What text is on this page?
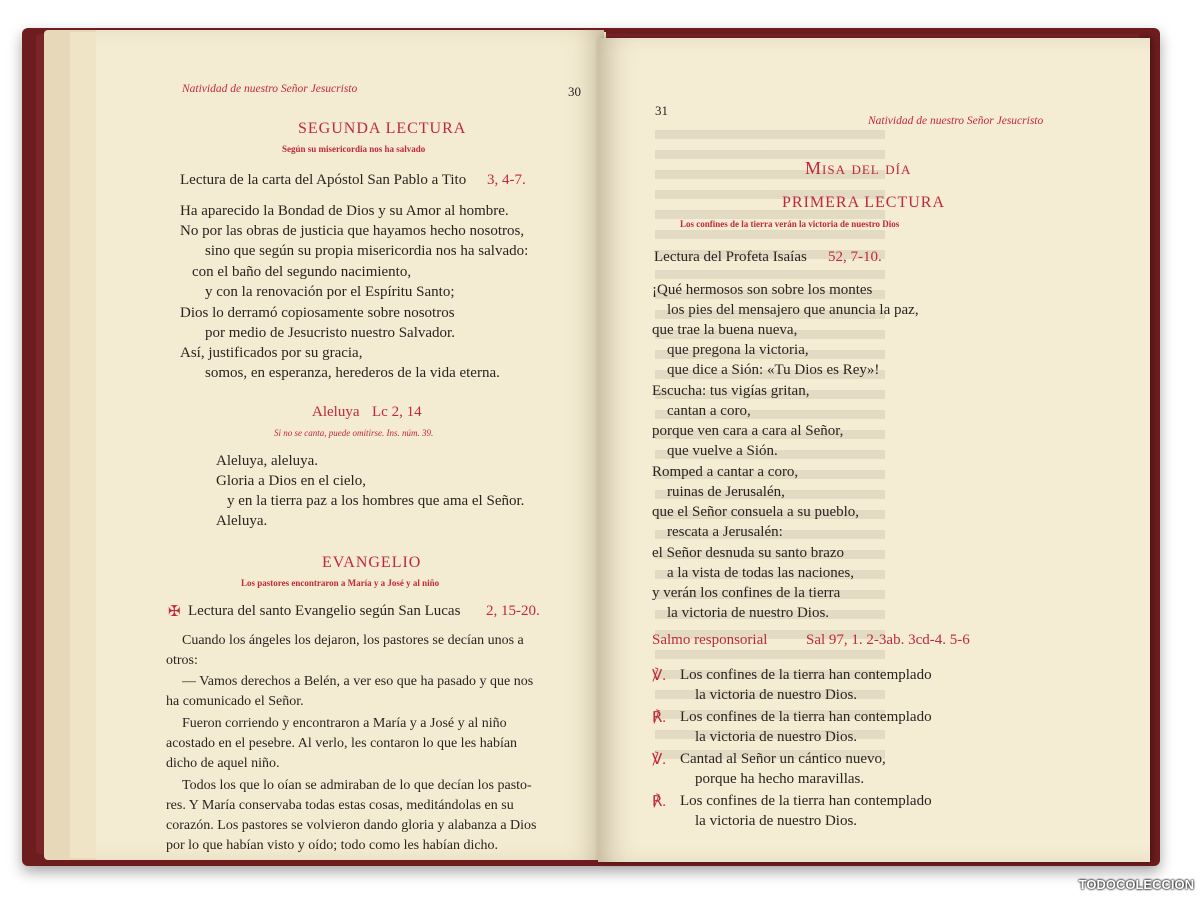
Natividad de nuestro Señor Jesucristo	30
SEGUNDA LECTURA
Según su misericordia nos ha salvado
Lectura de la carta del Apóstol San Pablo a Tito 3, 4-7.
Ha aparecido la Bondad de Dios y su Amor al hombre.
No por las obras de justicia que hayamos hecho nosotros,
sino que según su propia misericordia nos ha salvado:
con el baño del segundo nacimiento,
y con la renovación por el Espíritu Santo;
Dios lo derramó copiosamente sobre nosotros
por medio de Jesucristo nuestro Salvador.
Así, justificados por su gracia,
somos, en esperanza, herederos de la vida eterna.
Aleluya Lc 2, 14
Si no se canta, puede omitirse. Ins. núm. 39.
Aleluya, aleluya.
Gloria a Dios en el cielo,
y en la tierra paz a los hombres que ama el Señor.
Aleluya.
EVANGELIO
Los pastores encontraron a María y a José y al niño
✠ Lectura del santo Evangelio según San Lucas 2, 15-20.
Cuando los ángeles los dejaron, los pastores se decían unos a
otros:
— Vamos derechos a Belén, a ver eso que ha pasado y que nos
ha comunicado el Señor.
Fueron corriendo y encontraron a María y a José y al niño
acostado en el pesebre. Al verlo, les contaron lo que les habían
dicho de aquel niño.
Todos los que lo oían se admiraban de lo que decían los pasto-
res. Y María conservaba todas estas cosas, meditándolas en su
corazón. Los pastores se volvieron dando gloria y alabanza a Dios
por lo que habían visto y oído; todo como les habían dicho.
31
Natividad de nuestro Señor Jesucristo
Misa del día
PRIMERA LECTURA
Los confines de la tierra verán la victoria de nuestro Dios
Lectura del Profeta Isaías 52, 7-10.
¡Qué hermosos son sobre los montes
los pies del mensajero que anuncia la paz,
que trae la buena nueva,
que pregona la victoria,
que dice a Sión: «Tu Dios es Rey»!
Escucha: tus vigías gritan,
cantan a coro,
porque ven cara a cara al Señor,
que vuelve a Sión.
Romped a cantar a coro,
ruinas de Jerusalén,
que el Señor consuela a su pueblo,
rescata a Jerusalén:
el Señor desnuda su santo brazo
a la vista de todas las naciones,
y verán los confines de la tierra
la victoria de nuestro Dios.
Salmo responsorial	Sal 97, 1. 2-3ab. 3cd-4. 5-6
℣. Los confines de la tierra han contemplado
la victoria de nuestro Dios.
℟. Los confines de la tierra han contemplado
la victoria de nuestro Dios.
℣. Cantad al Señor un cántico nuevo,
porque ha hecho maravillas.
℟. Los confines de la tierra han contemplado
la victoria de nuestro Dios.
TODOCOLECCION
